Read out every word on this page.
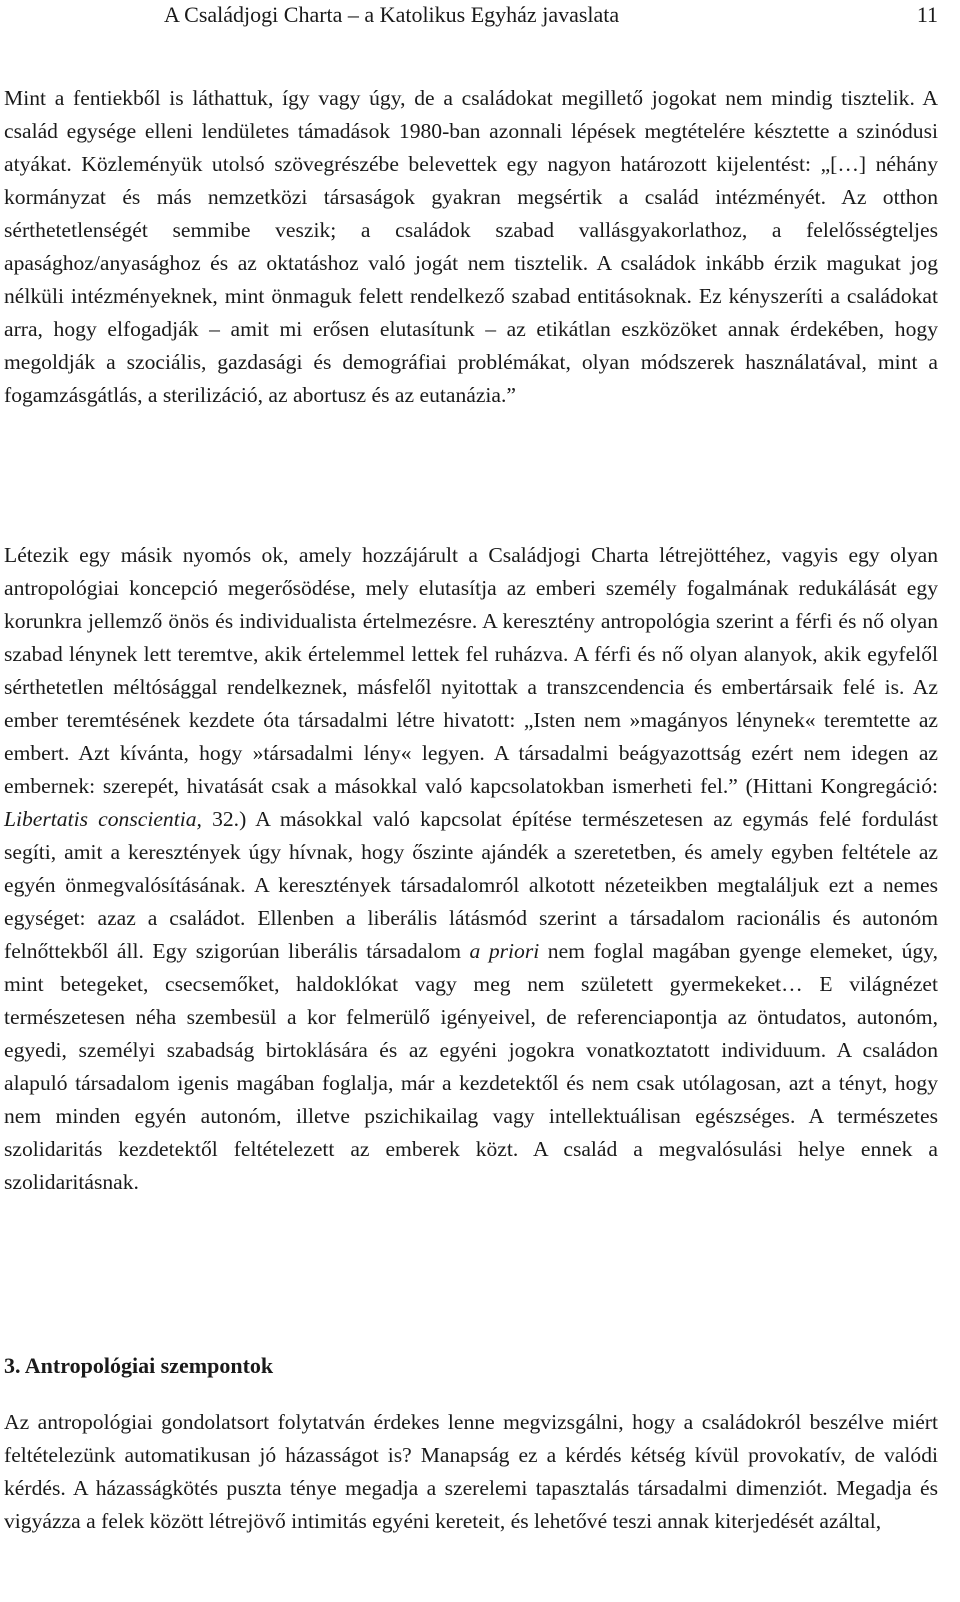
A Családjogi Charta – a Katolikus Egyház javaslata	11

Mint a fentiekből is láthattuk, így vagy úgy, de a családokat megillető jogokat nem mindig tisztelik. A család egysége elleni lendületes támadások 1980-ban azonnali lépések megtételére késztette a szinódusi atyákat. Közleményük utolsó szövegrészébe belevettek egy nagyon határozott kijelentést: „[…] néhány kormányzat és más nemzetközi társaságok gyakran megsértik a család intézményét. Az otthon sérthetetlenségét semmibe veszik; a családok szabad vallásgyakorlathoz, a felelősségteljes apasághoz/anyasághoz és az oktatáshoz való jogát nem tisztelik. A családok inkább érzik magukat jog nélküli intézményeknek, mint önmaguk felett rendelkező szabad entitásoknak. Ez kényszeríti a családokat arra, hogy elfogadják – amit mi erősen elutasítunk – az etikátlan eszközöket annak érdekében, hogy megoldják a szociális, gazdasági és demográfiai problémákat, olyan módszerek használatával, mint a fogamzásgátlás, a sterilizáció, az abortusz és az eutanázia.”

Létezik egy másik nyomós ok, amely hozzájárult a Családjogi Charta létrejöttéhez, vagyis egy olyan antropológiai koncepció megerősödése, mely elutasítja az emberi személy fogalmának redukálását egy korunkra jellemző önös és individualista értelmezésre. A keresztény antropológia szerint a férfi és nő olyan szabad lénynek lett teremtve, akik értelemmel lettek fel ruházva. A férfi és nő olyan alanyok, akik egyfelől sérthetetlen méltósággal rendelkeznek, másfelől nyitottak a transzcendencia és embertársaik felé is. Az ember teremtésének kezdete óta társadalmi létre hivatott: „Isten nem »magányos lénynek« teremtette az embert. Azt kívánta, hogy »társadalmi lény« legyen. A társadalmi beágyazottság ezért nem idegen az embernek: szerepét, hivatását csak a másokkal való kapcsolatokban ismerheti fel.” (Hittani Kongregáció: Libertatis conscientia, 32.) A másokkal való kapcsolat építése természetesen az egymás felé fordulást segíti, amit a keresztények úgy hívnak, hogy őszinte ajándék a szeretetben, és amely egyben feltétele az egyén önmegvalósításának. A keresztények társadalomról alkotott nézeteikben megtaláljuk ezt a nemes egységet: azaz a családot. Ellenben a liberális látásmód szerint a társadalom racionális és autonóm felnőttekből áll. Egy szigorúan liberális társadalom a priori nem foglal magában gyenge elemeket, úgy, mint betegeket, csecsemőket, haldoklókat vagy meg nem született gyermekeket… E világnézet természetesen néha szembesül a kor felmerülő igényeivel, de referenciapontja az öntudatos, autonóm, egyedi, személyi szabadság birtoklására és az egyéni jogokra vonatkoztatott individuum. A családon alapuló társadalom igenis magában foglalja, már a kezdetektől és nem csak utólagosan, azt a tényt, hogy nem minden egyén autonóm, illetve pszichikailag vagy intellektuálisan egészséges. A természetes szolidaritás kezdetektől feltételezett az emberek közt. A család a megvalósulási helye ennek a szolidaritásnak.

3. Antropológiai szempontok

Az antropológiai gondolatsort folytatván érdekes lenne megvizsgálni, hogy a családokról beszélve miért feltételezünk automatikusan jó házasságot is? Manapság ez a kérdés kétség kívül provokatív, de valódi kérdés. A házasságkötés puszta ténye megadja a szerelemi tapasztalás társadalmi dimenziót. Megadja és vigyázza a felek között létrejövő intimitás egyéni kereteit, és lehetővé teszi annak kiterjedését azáltal,
